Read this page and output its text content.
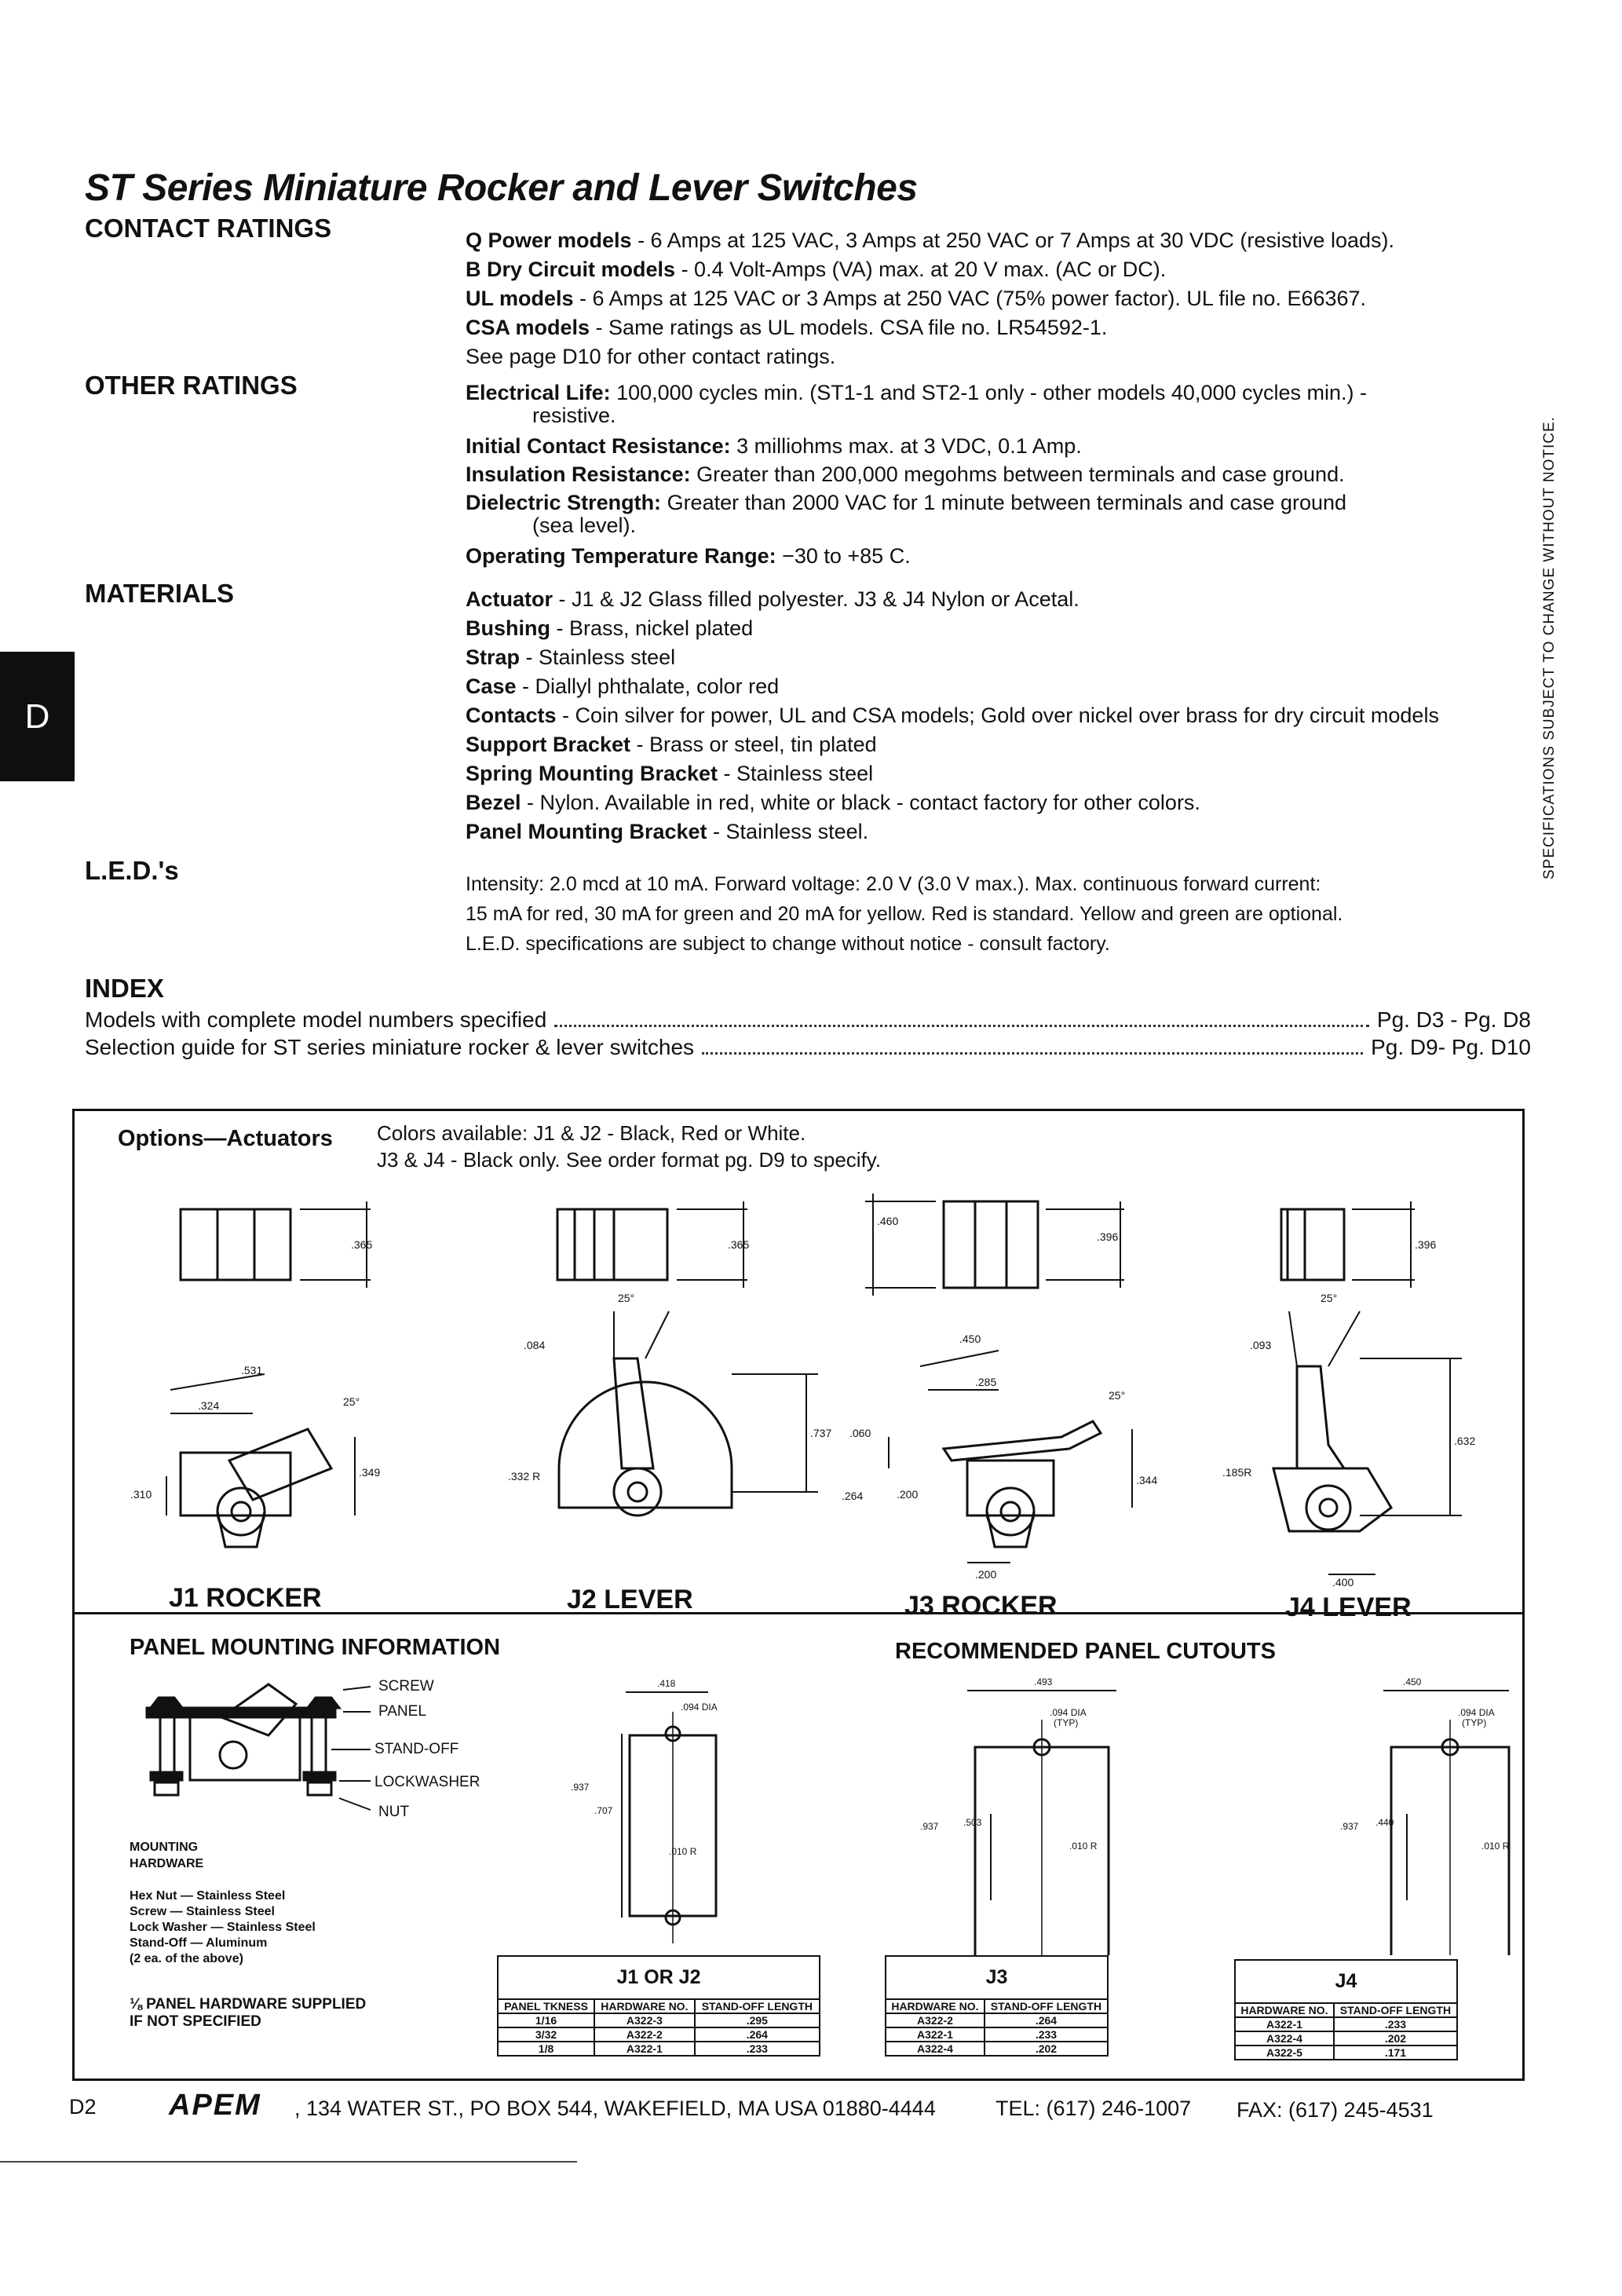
ST Series Miniature Rocker and Lever Switches
D	SPECIFICATIONS SUBJECT TO CHANGE WITHOUT NOTICE.
CONTACT RATINGS	Q Power models - 6 Amps at 125 VAC, 3 Amps at 250 VAC or 7 Amps at 30 VDC (resistive loads).

B Dry Circuit models - 0.4 Volt-Amps (VA) max. at 20 V max. (AC or DC).

UL models - 6 Amps at 125 VAC or 3 Amps at 250 VAC (75% power factor). UL file no. E66367.

CSA models - Same ratings as UL models. CSA file no. LR54592-1.

See page D10 for other contact ratings.

OTHER RATINGS	Electrical Life: 100,000 cycles min. (ST1-1 and ST2-1 only - other models 40,000 cycles min.) -
resistive.

Initial Contact Resistance: 3 milliohms max. at 3 VDC, 0.1 Amp.

Insulation Resistance: Greater than 200,000 megohms between terminals and case ground.

Dielectric Strength: Greater than 2000 VAC for 1 minute between terminals and case ground
(sea level).

Operating Temperature Range: −30 to +85 C.

MATERIALS	Actuator - J1 & J2 Glass filled polyester. J3 & J4 Nylon or Acetal.

Bushing - Brass, nickel plated

Strap - Stainless steel

Case - Diallyl phthalate, color red

Contacts - Coin silver for power, UL and CSA models; Gold over nickel over brass for dry circuit models

Support Bracket - Brass or steel, tin plated

Spring Mounting Bracket - Stainless steel

Bezel - Nylon. Available in red, white or black - contact factory for other colors.

Panel Mounting Bracket - Stainless steel.

L.E.D.'s	Intensity: 2.0 mcd at 10 mA. Forward voltage: 2.0 V (3.0 V max.). Max. continuous forward current:

15 mA for red, 30 mA for green and 20 mA for yellow. Red is standard. Yellow and green are optional.

L.E.D. specifications are subject to change without notice - consult factory.

INDEX
Models with complete model numbers specified	Pg. D3 - Pg. D8
Selection guide for ST series miniature rocker & lever switches	Pg. D9- Pg. D10
Options—Actuators Colors available: J1 & J2 - Black, Red or White.

J3 & J4 - Black only. See order format pg. D9 to specify.

.365
.531
.324	25°
.349
.310
.365
25°
.084
.737
.332 R
.460
.396
.450
.285
25°
.060
.264	.200
.344
.200
.396
25°
.093
.632
.185R
.400
J1 ROCKER	J2 LEVER	J3 ROCKER	J4 LEVER
PANEL MOUNTING INFORMATION	RECOMMENDED PANEL CUTOUTS
SCREW
PANEL
STAND-OFF
LOCKWASHER
NUT
.418
.094 DIA
.937
.707
.010 R
.493
.094 DIA
(TYP)
.937	.503
.010 R
.450
.094 DIA
(TYP)
.937 .440
.010 R

MOUNTING

HARDWARE

Hex Nut — Stainless Steel

Screw — Stainless Steel

Lock Washer — Stainless Steel

Stand-Off — Aluminum

(2 ea. of the above)

⅛ PANEL HARDWARE SUPPLIED

IF NOT SPECIFIED

J1 OR J2
PANEL TKNESS	HARDWARE NO.	STAND-OFF LENGTH
1/16	A322-3	.295
3/32	A322-2	.264
1/8	A322-1	.233
J3
HARDWARE NO.	STAND-OFF LENGTH
A322-2	.264
A322-1	.233
A322-4	.202
J4
HARDWARE NO.	STAND-OFF LENGTH
A322-1	.233
A322-4	.202
A322-5	.171
D2 APEM , 134 WATER ST., PO BOX 544, WAKEFIELD, MA USA 01880-4444	TEL: (617) 246-1007 FAX: (617) 245-4531
